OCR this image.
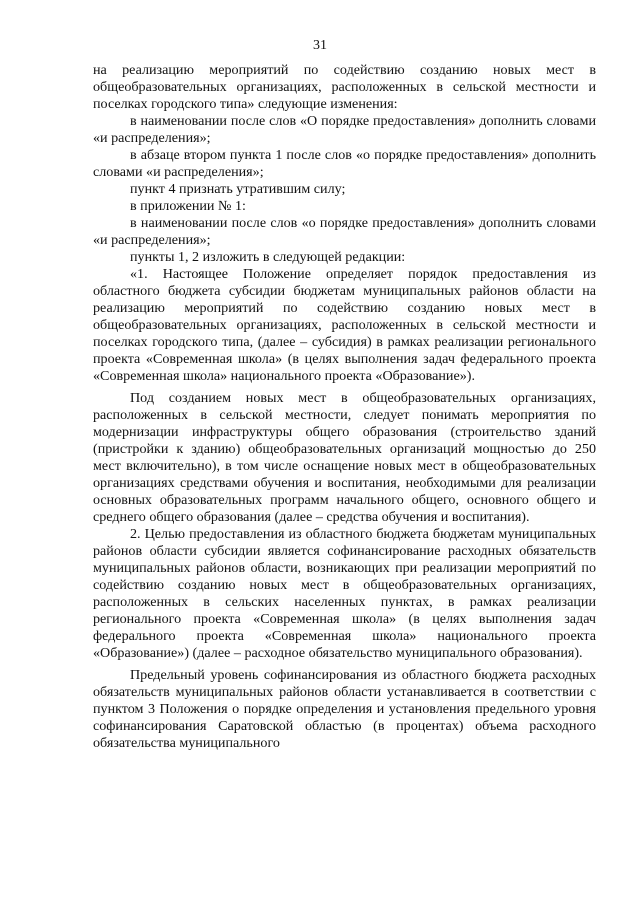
31

на реализацию мероприятий по содействию созданию новых мест в общеобразовательных организациях, расположенных в сельской местности и поселках городского типа» следующие изменения:

в наименовании после слов «О порядке предоставления» дополнить словами «и распределения»;

в абзаце втором пункта 1 после слов «о порядке предоставления» дополнить словами «и распределения»;

пункт 4 признать утратившим силу;

в приложении № 1:

в наименовании после слов «о порядке предоставления» дополнить словами «и распределения»;

пункты 1, 2 изложить в следующей редакции:

«1. Настоящее Положение определяет порядок предоставления из областного бюджета субсидии бюджетам муниципальных районов области на реализацию мероприятий по содействию созданию новых мест в общеобразовательных организациях, расположенных в сельской местности и поселках городского типа, (далее – субсидия) в рамках реализации регионального проекта «Современная школа» (в целях выполнения задач федерального проекта «Современная школа» национального проекта «Образование»).

Под созданием новых мест в общеобразовательных организациях, расположенных в сельской местности, следует понимать мероприятия по модернизации инфраструктуры общего образования (строительство зданий (пристройки к зданию) общеобразовательных организаций мощностью до 250 мест включительно), в том числе оснащение новых мест в общеобразовательных организациях средствами обучения и воспитания, необходимыми для реализации основных образовательных программ начального общего, основного общего и среднего общего образования (далее – средства обучения и воспитания).

2. Целью предоставления из областного бюджета бюджетам муниципальных районов области субсидии является софинансирование расходных обязательств муниципальных районов области, возникающих при реализации мероприятий по содействию созданию новых мест в общеобразовательных организациях, расположенных в сельских населенных пунктах, в рамках реализации регионального проекта «Современная школа» (в целях выполнения задач федерального проекта «Современная школа» национального проекта «Образование») (далее – расходное обязательство муниципального образования).

Предельный уровень софинансирования из областного бюджета расходных обязательств муниципальных районов области устанавливается в соответствии с пунктом 3 Положения о порядке определения и установления предельного уровня софинансирования Саратовской областью (в процентах) объема расходного обязательства муниципального
